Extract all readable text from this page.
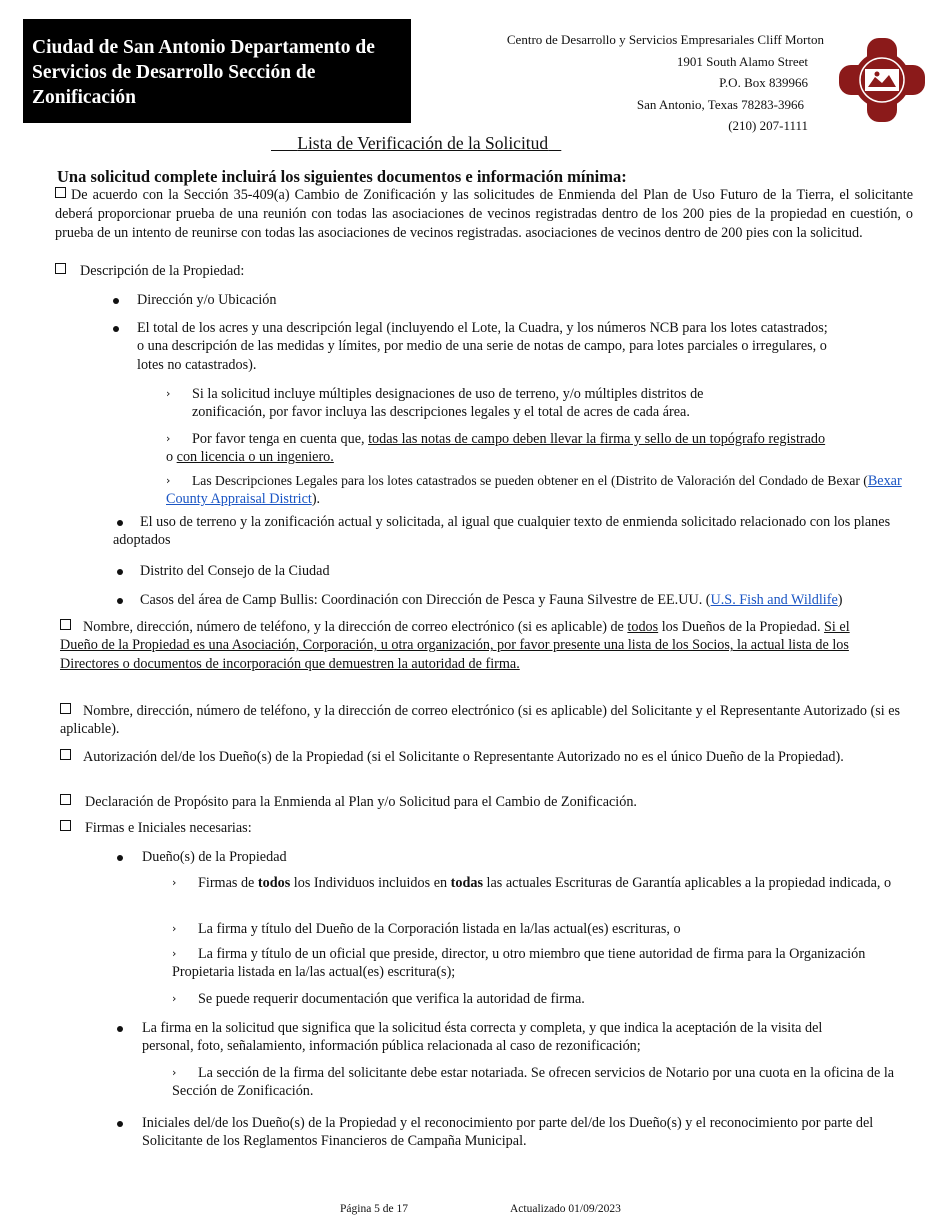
Ciudad de San Antonio Departamento de Servicios de Desarrollo Sección de Zonificación
Centro de Desarrollo y Servicios Empresariales Cliff Morton
1901 South Alamo Street
P.O. Box 839966
San Antonio, Texas 78283-3966
(210) 207-1111
Lista de Verificación de la Solicitud
Una solicitud complete incluirá los siguientes documentos e información mínima:
De acuerdo con la Sección 35-409(a) Cambio de Zonificación y las solicitudes de Enmienda del Plan de Uso Futuro de la Tierra, el solicitante deberá proporcionar prueba de una reunión con todas las asociaciones de vecinos registradas dentro de los 200 pies de la propiedad en cuestión, o prueba de un intento de reunirse con todas las asociaciones de vecinos registradas. asociaciones de vecinos dentro de 200 pies con la solicitud.
Descripción de la Propiedad:
Dirección y/o Ubicación
El total de los acres y una descripción legal (incluyendo el Lote, la Cuadra, y los números NCB para los lotes catastrados; o una descripción de las medidas y límites, por medio de una serie de notas de campo, para lotes parciales o irregulares, o lotes no catastrados).
› Si la solicitud incluye múltiples designaciones de uso de terreno, y/o múltiples distritos de zonificación, por favor incluya las descripciones legales y el total de acres de cada área.
› Por favor tenga en cuenta que, todas las notas de campo deben llevar la firma y sello de un topógrafo registrado
o con licencia o un ingeniero.
› Las Descripciones Legales para los lotes catastrados se pueden obtener en el (Distrito de Valoración del Condado de Bexar (Bexar County Appraisal District).
El uso de terreno y la zonificación actual y solicitada, al igual que cualquier texto de enmienda solicitado relacionado con los planes adoptados
Distrito del Consejo de la Ciudad
Casos del área de Camp Bullis: Coordinación con Dirección de Pesca y Fauna Silvestre de EE.UU. (U.S. Fish and Wildlife)
Nombre, dirección, número de teléfono, y la dirección de correo electrónico (si es aplicable) de todos los Dueños de la Propiedad. Si el Dueño de la Propiedad es una Asociación, Corporación, u otra organización, por favor presente una lista de los Socios, la actual lista de los Directores o documentos de incorporación que demuestren la autoridad de firma.
Nombre, dirección, número de teléfono, y la dirección de correo electrónico (si es aplicable) del Solicitante y el Representante Autorizado (si es aplicable).
Autorización del/de los Dueño(s) de la Propiedad (si el Solicitante o Representante Autorizado no es el único Dueño de la Propiedad).
Declaración de Propósito para la Enmienda al Plan y/o Solicitud para el Cambio de Zonificación.
Firmas e Iniciales necesarias:
Dueño(s) de la Propiedad
› Firmas de todos los Individuos incluidos en todas las actuales Escrituras de Garantía aplicables a la propiedad indicada, o
› La firma y título del Dueño de la Corporación listada en la/las actual(es) escrituras, o
› La firma y título de un oficial que preside, director, u otro miembro que tiene autoridad de firma para la Organización Propietaria listada en la/las actual(es) escritura(s);
› Se puede requerir documentación que verifica la autoridad de firma.
La firma en la solicitud que significa que la solicitud ésta correcta y completa, y que indica la aceptación de la visita del personal, foto, señalamiento, información pública relacionada al caso de rezonificación;
› La sección de la firma del solicitante debe estar notariada. Se ofrecen servicios de Notario por una cuota en la oficina de la Sección de Zonificación.
Iniciales del/de los Dueño(s) de la Propiedad y el reconocimiento por parte del/de los Dueño(s) y el reconocimiento por parte del Solicitante de los Reglamentos Financieros de Campaña Municipal.
Página 5 de 17	Actualizado 01/09/2023
